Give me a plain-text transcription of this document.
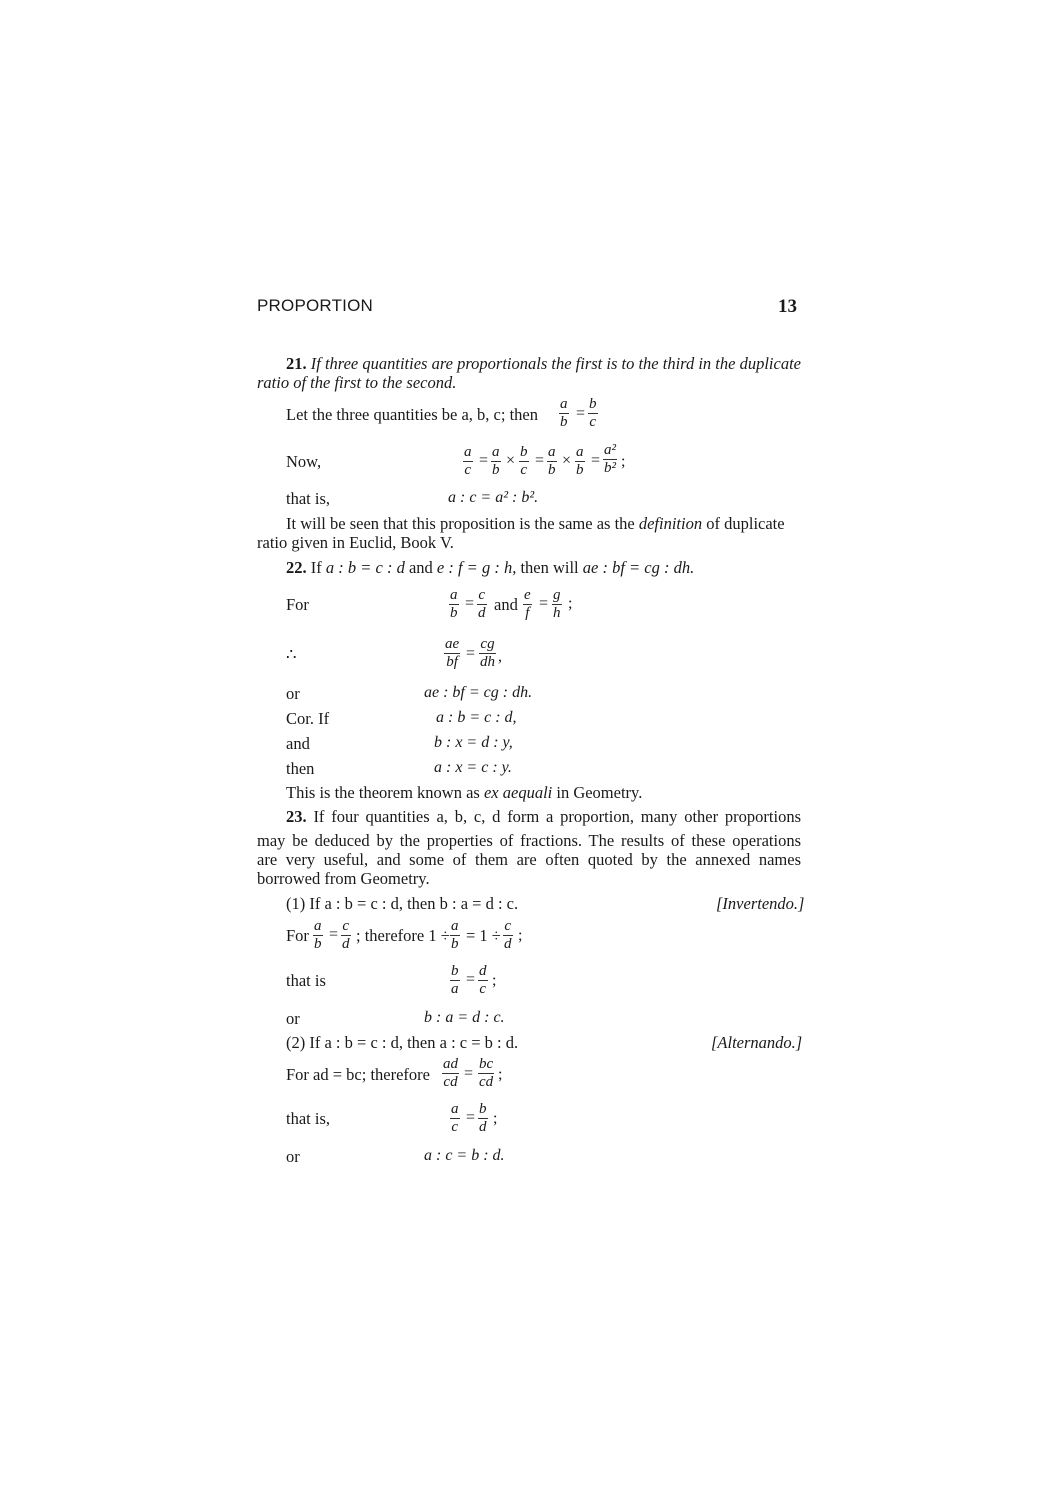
PROPORTION	13
21. If three quantities are proportionals the first is to the third in the duplicate
ratio of the first to the second.
Let the three quantities be a, b, c; then $\frac{a}{b} = \frac{b}{c}$
Now,	$\frac{a}{c} = \frac{a}{b} \times \frac{b}{c} = \frac{a}{b} \times \frac{a}{b} = \frac{\text{a²}}{\text{b²}}$ ;
that is,	a : c = a² : b².
It will be seen that this proposition is the same as the definition of duplicate
ratio given in Euclid, Book V.
22. If a : b = c : d and e : f = g : h, then will ae : bf = cg : dh.
For	$\frac{a}{b} = \frac{c}{d}$ and $\frac{e}{f} = \frac{g}{h}$ ;
∴	$\frac{ae}{bf} = \frac{cg}{dh}$ ,
or	ae : bf = cg : dh.
Cor. If	a : b = c : d,
and	b : x = d : y,
then	a : x = c : y.
This is the theorem known as ex aequali in Geometry.
23. If four quantities a, b, c, d form a proportion, many other proportions
may be deduced by the properties of fractions. The results of these operations
are very useful, and some of them are often quoted by the annexed names
borrowed from Geometry.
(1) If a : b = c : d, then b : a = d : c.	[Invertendo.]
For $\frac{a}{b} = \frac{c}{d}$ ; therefore $1 \div \frac{a}{b} = 1 \div \frac{c}{d}$ ;
that is	$\frac{b}{a} = \frac{d}{c}$ ;
or	b : a = d : c.
(2) If a : b = c : d, then a : c = b : d.	[Alternando.]
For ad = bc; therefore $\frac{ad}{cd} = \frac{bc}{cd}$ ;
that is,	$\frac{a}{c} = \frac{b}{d}$ ;
or	a : c = b : d.
